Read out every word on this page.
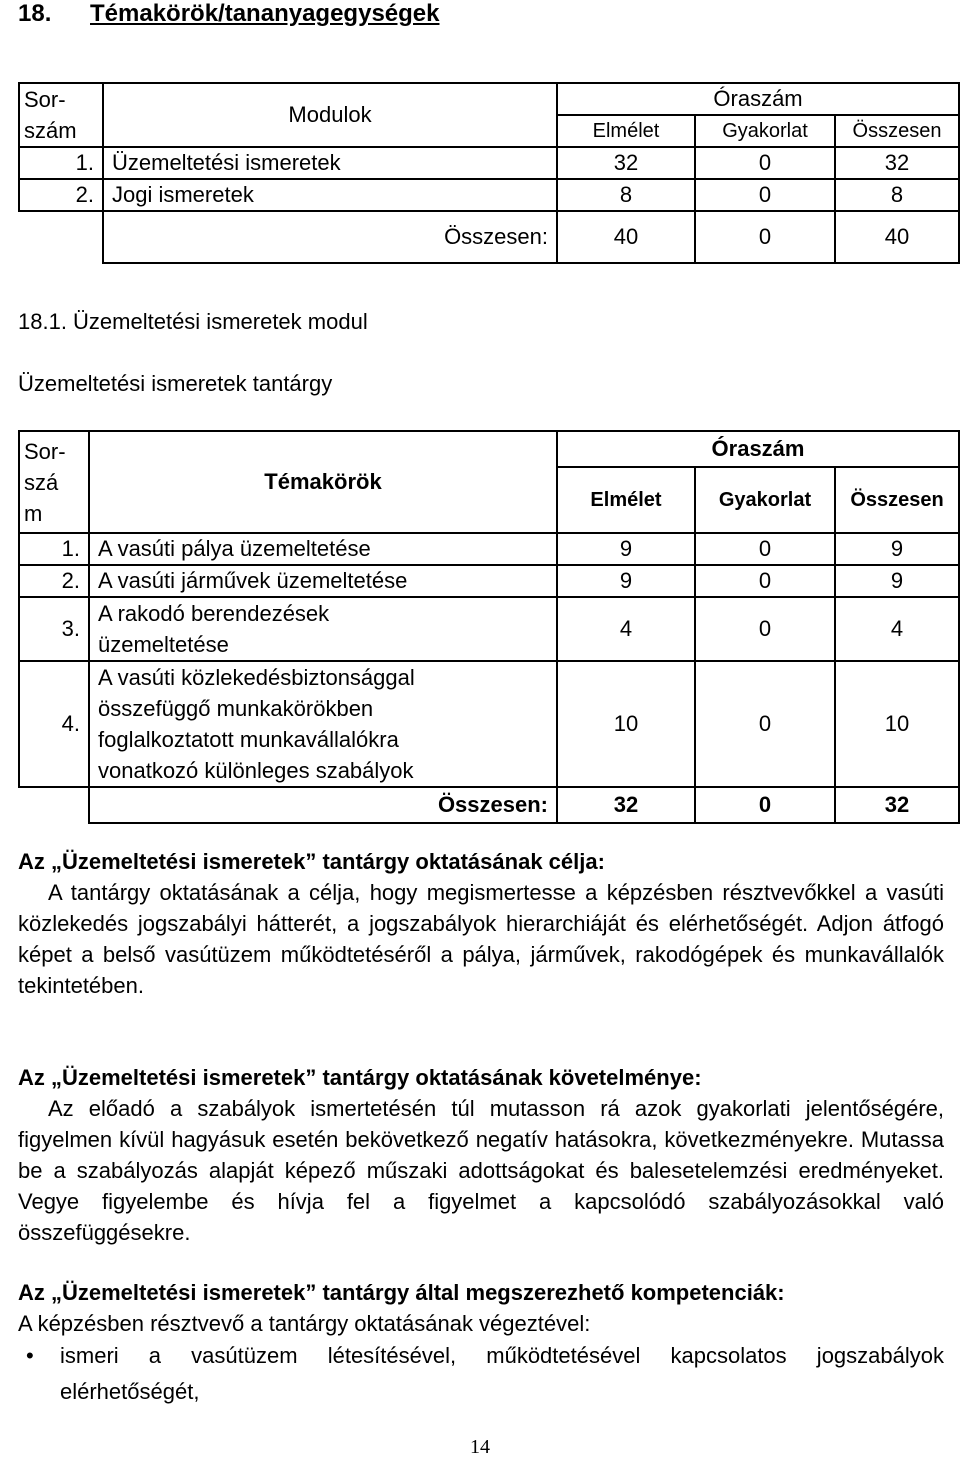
18. Témakörök/tananyagegységek
Sor-
szám	Modulok	Óraszám		
		Elmélet	Gyakorlat	Összesen
1.	Üzemeltetési ismeretek	32	0	32
2.	Jogi ismeretek	8	0	8
	Összesen:	40	0	40
18.1. Üzemeltetési ismeretek modul
Üzemeltetési ismeretek tantárgy
Sor-
szá
m	Témakörök	Óraszám		
		Elmélet	Gyakorlat	Összesen
1.	A vasúti pálya üzemeltetése	9	0	9
2.	A vasúti járművek üzemeltetése	9	0	9
3.	A rakodó berendezések
üzemeltetése	4	0	4
4.	A vasúti közlekedésbiztonsággal
összefüggő munkakörökben
foglalkoztatott munkavállalókra
vonatkozó különleges szabályok	10	0	10
	Összesen:	32	0	32
Az „Üzemeltetési ismeretek” tantárgy oktatásának célja:
A tantárgy oktatásának a célja, hogy megismertesse a képzésben résztvevőkkel a vasúti közlekedés jogszabályi hátterét, a jogszabályok hierarchiáját és elérhetőségét. Adjon átfogó képet a belső vasútüzem működtetéséről a pálya, járművek, rakodógépek és munkavállalók tekintetében.
Az „Üzemeltetési ismeretek” tantárgy oktatásának követelménye:
Az előadó a szabályok ismertetésén túl mutasson rá azok gyakorlati jelentőségére, figyelmen kívül hagyásuk esetén bekövetkező negatív hatásokra, következményekre. Mutassa be a szabályozás alapját képező műszaki adottságokat és balesetelemzési eredményeket. Vegye figyelembe és hívja fel a figyelmet a kapcsolódó szabályozásokkal való összefüggésekre.
Az „Üzemeltetési ismeretek” tantárgy által megszerezhető kompetenciák:
A képzésben résztvevő a tantárgy oktatásának végeztével:
• ismeri a vasútüzem létesítésével, működtetésével kapcsolatos jogszabályok elérhetőségét,
14
